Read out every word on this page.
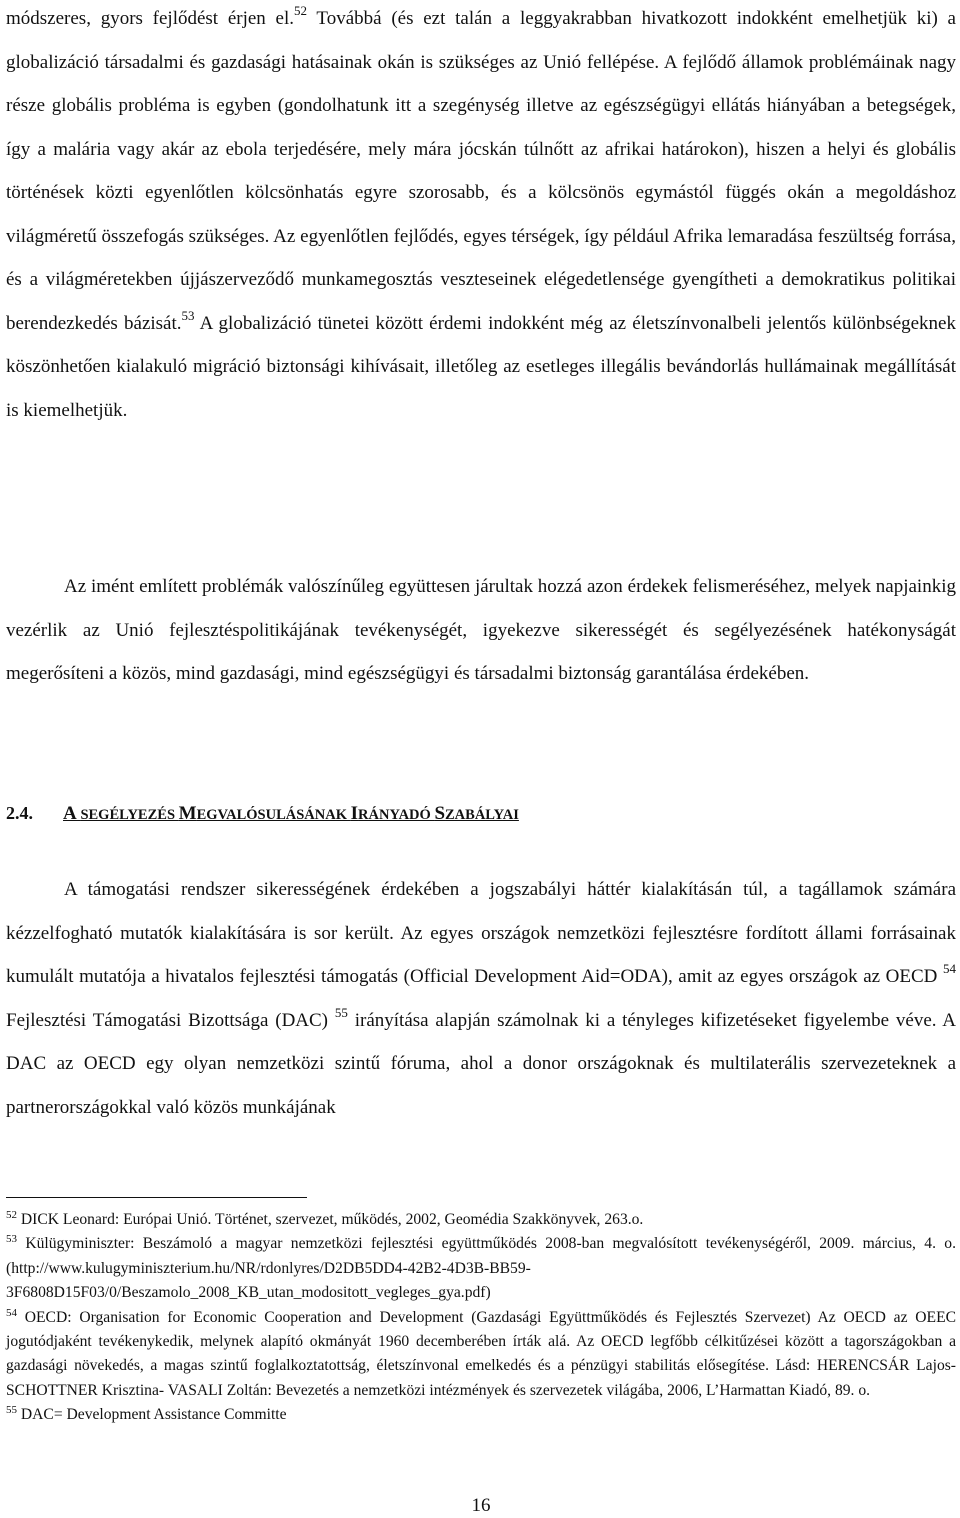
módszeres, gyors fejlődést érjen el.$^{52}$ Továbbá (és ezt talán a leggyakrabban hivatkozott indokként emelhetjük ki) a globalizáció társadalmi és gazdasági hatásainak okán is szükséges az Unió fellépése. A fejlődő államok problémáinak nagy része globális probléma is egyben (gondolhatunk itt a szegénység illetve az egészségügyi ellátás hiányában a betegségek, így a malária vagy akár az ebola terjedésére, mely mára jócskán túlnőtt az afrikai határokon), hiszen a helyi és globális történések közti egyenlőtlen kölcsönhatás egyre szorosabb, és a kölcsönös egymástól függés okán a megoldáshoz világméretű összefogás szükséges. Az egyenlőtlen fejlődés, egyes térségek, így például Afrika lemaradása feszültség forrása, és a világméretekben újjászerveződő munkamegosztás veszteseinek elégedetlensége gyengítheti a demokratikus politikai berendezkedés bázisát.$^{53}$ A globalizáció tünetei között érdemi indokként még az életszínvonalbeli jelentős különbségeknek köszönhetően kialakuló migráció biztonsági kihívásait, illetőleg az esetleges illegális bevándorlás hullámainak megállítását is kiemelhetjük.

Az imént említett problémák valószínűleg együttesen járultak hozzá azon érdekek felismeréséhez, melyek napjainkig vezérlik az Unió fejlesztéspolitikájának tevékenységét, igyekezve sikerességét és segélyezésének hatékonyságát megerősíteni a közös, mind gazdasági, mind egészségügyi és társadalmi biztonság garantálása érdekében.

2.4. A SEGÉLYEZÉS MEGVALÓSULÁSÁNAK IRÁNYADÓ SZABÁLYAI

A támogatási rendszer sikerességének érdekében a jogszabályi háttér kialakításán túl, a tagállamok számára kézzelfogható mutatók kialakítására is sor került. Az egyes országok nemzetközi fejlesztésre fordított állami forrásainak kumulált mutatója a hivatalos fejlesztési támogatás (Official Development Aid=ODA), amit az egyes országok az OECD $^{54}$ Fejlesztési Támogatási Bizottsága (DAC) $^{55}$ irányítása alapján számolnak ki a tényleges kifizetéseket figyelembe véve. A DAC az OECD egy olyan nemzetközi szintű fóruma, ahol a donor országoknak és multilaterális szervezeteknek a partnerországokkal való közös munkájának

$^{52}$ DICK Leonard: Európai Unió. Történet, szervezet, működés, 2002, Geomédia Szakkönyvek, 263.o.

$^{53}$ Külügyminiszter: Beszámoló a magyar nemzetközi fejlesztési együttműködés 2008-ban megvalósított tevékenységéről, 2009. március, 4. o. (http://www.kulugyminiszterium.hu/NR/rdonlyres/D2DB5DD4-42B2-4D3B-BB59-3F6808D15F03/0/Beszamolo_2008_KB_utan_modositott_vegleges_gya.pdf)

$^{54}$ OECD: Organisation for Economic Cooperation and Development (Gazdasági Együttműködés és Fejlesztés Szervezet) Az OECD az OEEC jogutódjaként tevékenykedik, melynek alapító okmányát 1960 decemberében írták alá. Az OECD legfőbb célkitűzései között a tagországokban a gazdasági növekedés, a magas szintű foglalkoztatottság, életszínvonal emelkedés és a pénzügyi stabilitás elősegítése. Lásd: HERENCSÁR Lajos-SCHOTTNER Krisztina- VASALI Zoltán: Bevezetés a nemzetközi intézmények és szervezetek világába, 2006, L’Harmattan Kiadó, 89. o.

$^{55}$ DAC= Development Assistance Committe

16
